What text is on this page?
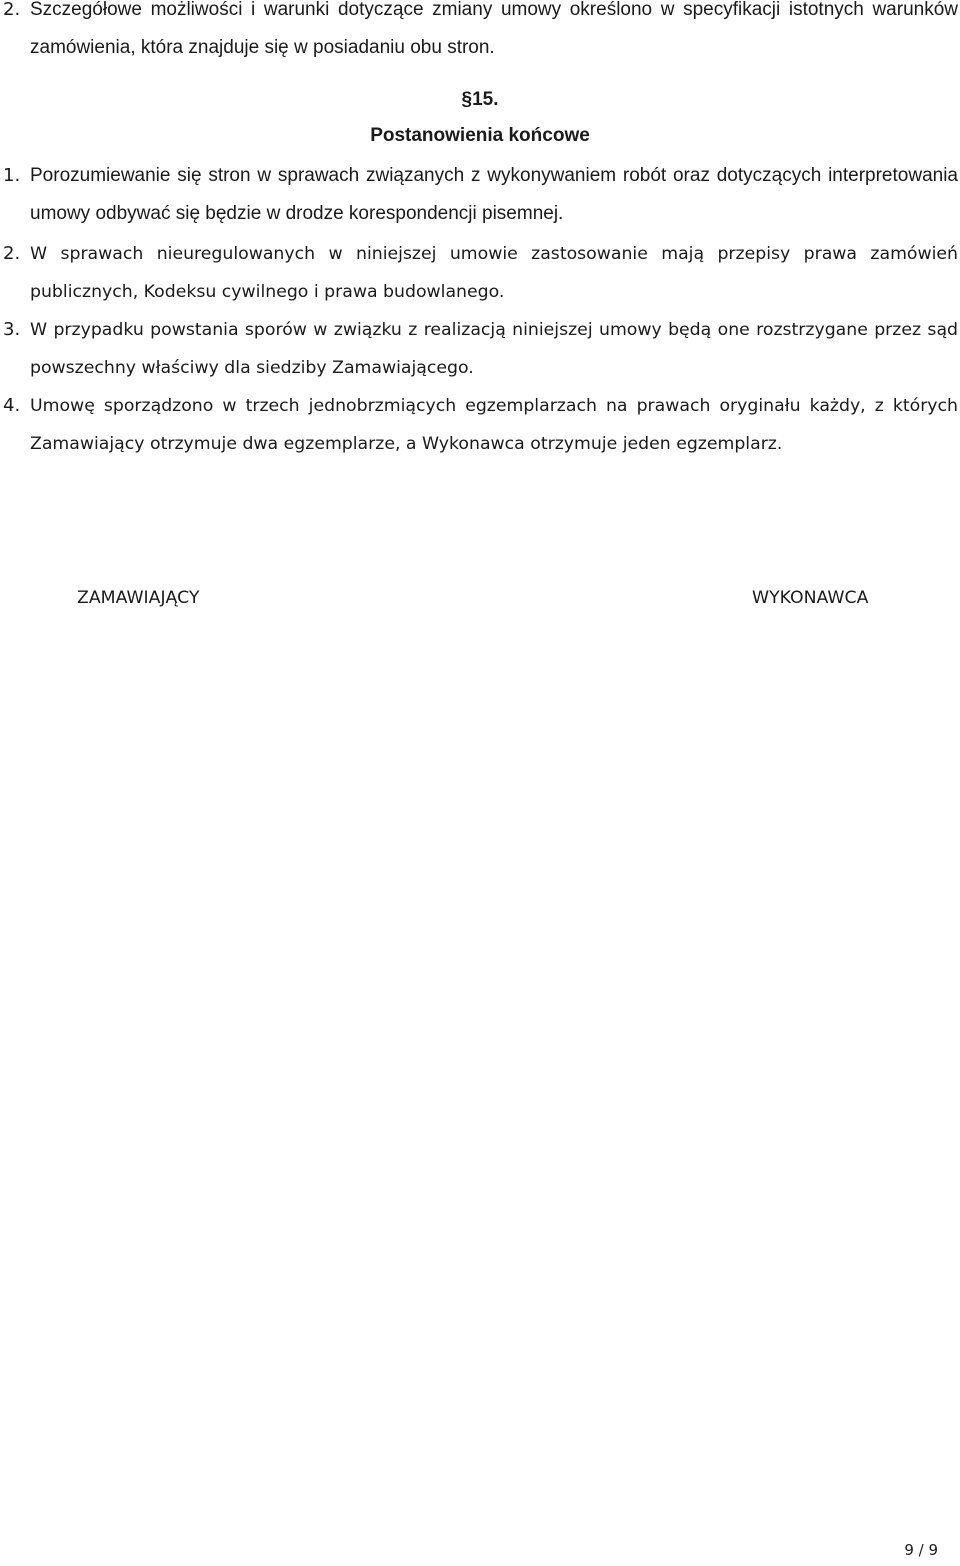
2. Szczegółowe możliwości i warunki dotyczące zmiany umowy określono w specyfikacji istotnych warunków zamówienia, która znajduje się w posiadaniu obu stron.
§15.
Postanowienia końcowe
1. Porozumiewanie się stron w sprawach związanych z wykonywaniem robót oraz dotyczących interpretowania umowy odbywać się będzie w drodze korespondencji pisemnej.
2. W sprawach nieuregulowanych w niniejszej umowie zastosowanie mają przepisy prawa zamówień publicznych, Kodeksu cywilnego i prawa budowlanego.
3. W przypadku powstania sporów w związku z realizacją niniejszej umowy będą one rozstrzygane przez sąd powszechny właściwy dla siedziby Zamawiającego.
4. Umowę sporządzono w trzech jednobrzmiących egzemplarzach na prawach oryginału każdy, z których Zamawiający otrzymuje dwa egzemplarze, a Wykonawca otrzymuje jeden egzemplarz.
ZAMAWIAJĄCY	WYKONAWCA
9 / 9
